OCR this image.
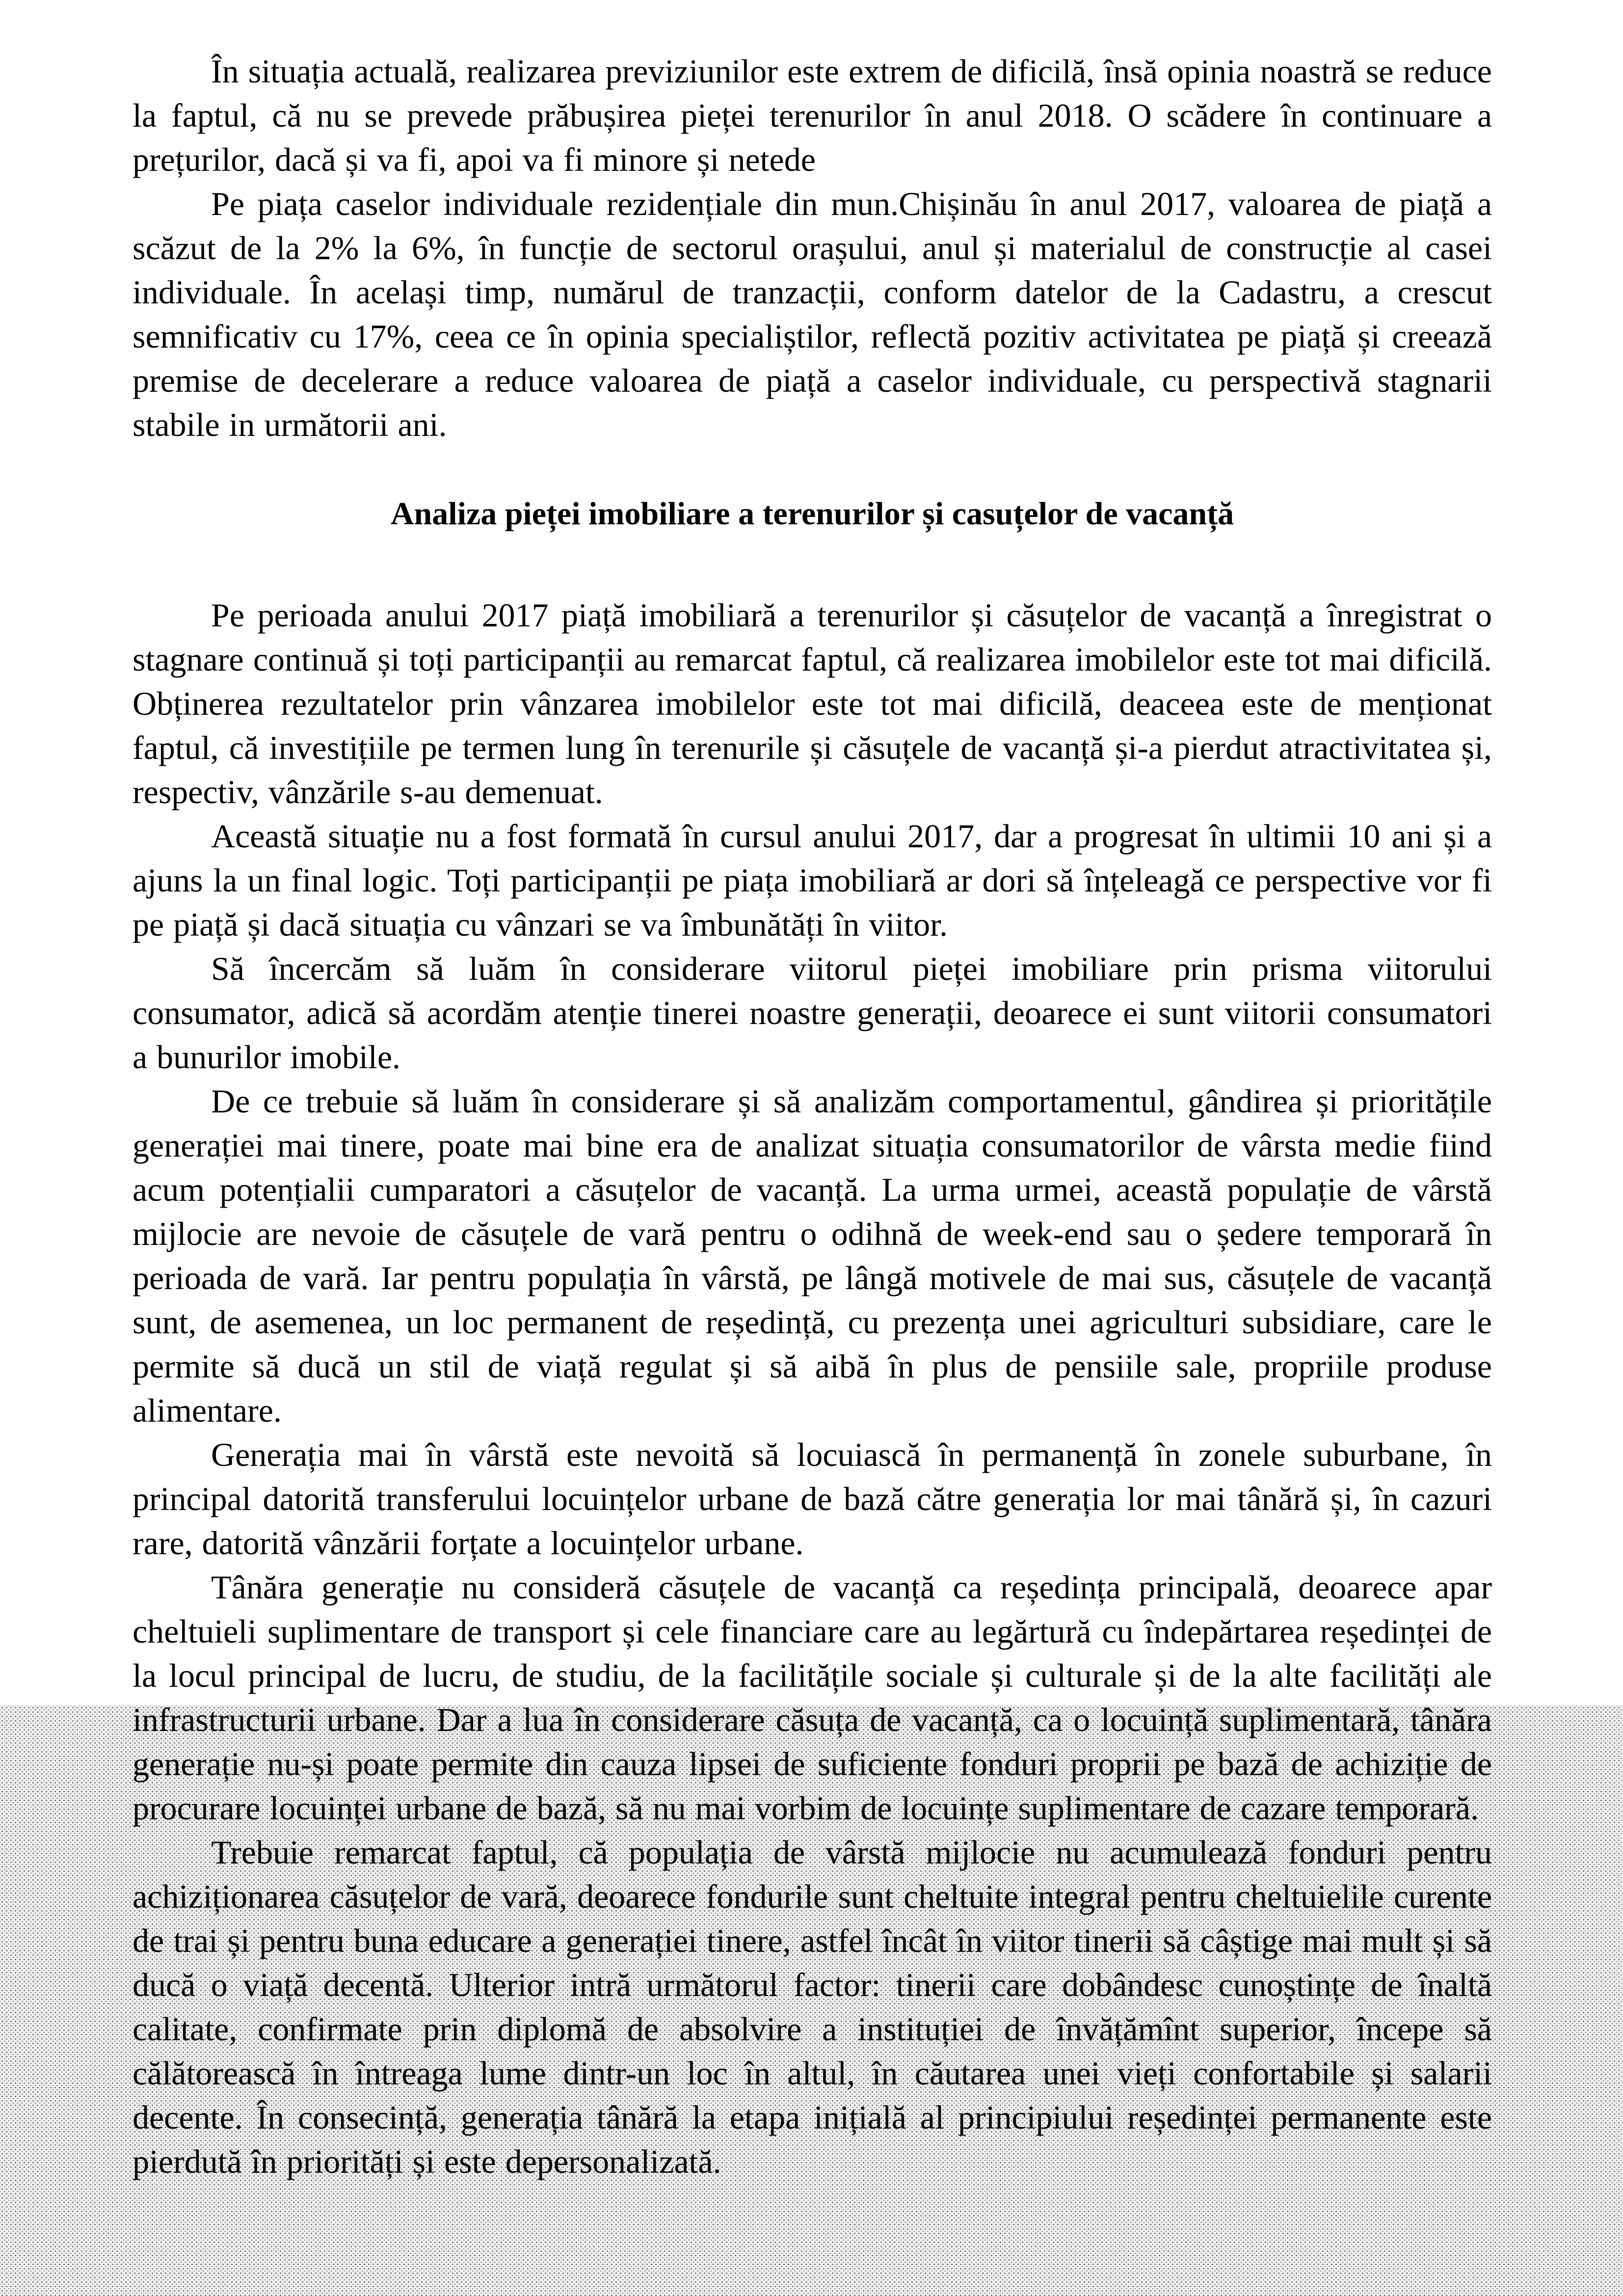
În situația actuală, realizarea previziunilor este extrem de dificilă, însă opinia noastră se reduce la faptul, că nu se prevede prăbușirea pieței terenurilor în anul 2018. O scădere în continuare a prețurilor, dacă și va fi, apoi va fi minore și netede

Pe piața caselor individuale rezidențiale din mun.Chișinău în anul 2017, valoarea de piață a scăzut de la 2% la 6%, în funcție de sectorul orașului, anul și materialul de construcție al casei individuale. În același timp, numărul de tranzacții, conform datelor de la Cadastru, a crescut semnificativ cu 17%, ceea ce în opinia specialiștilor, reflectă pozitiv activitatea pe piață și creează premise de decelerare a reduce valoarea de piață a caselor individuale, cu perspectivă stagnarii stabile in următorii ani.

Analiza pieței imobiliare a terenurilor și casuțelor de vacanță

Pe perioada anului 2017 piață imobiliară a terenurilor și căsuțelor de vacanță a înregistrat o stagnare continuă și toți participanții au remarcat faptul, că realizarea imobilelor este tot mai dificilă. Obținerea rezultatelor prin vânzarea imobilelor este tot mai dificilă, deaceea este de menționat faptul, că investițiile pe termen lung în terenurile și căsuțele de vacanță și-a pierdut atractivitatea și, respectiv, vânzările s-au demenuat.

Această situație nu a fost formată în cursul anului 2017, dar a progresat în ultimii 10 ani și a ajuns la un final logic. Toți participanții pe piața imobiliară ar dori să înțeleagă ce perspective vor fi pe piață și dacă situația cu vânzari se va îmbunătăți în viitor.

Să încercăm să luăm în considerare viitorul pieței imobiliare prin prisma viitorului consumator, adică să acordăm atenție tinerei noastre generații, deoarece ei sunt viitorii consumatori a bunurilor imobile.

De ce trebuie să luăm în considerare și să analizăm comportamentul, gândirea și prioritățile generației mai tinere, poate mai bine era de analizat situația consumatorilor de vârsta medie fiind acum potențialii cumparatori a căsuțelor de vacanță. La urma urmei, această populație de vârstă mijlocie are nevoie de căsuțele de vară pentru o odihnă de week-end sau o ședere temporară în perioada de vară. Iar pentru populația în vârstă, pe lângă motivele de mai sus, căsuțele de vacanță sunt, de asemenea, un loc permanent de reședință, cu prezența unei agriculturi subsidiare, care le permite să ducă un stil de viață regulat și să aibă în plus de pensiile sale, propriile produse alimentare.

Generația mai în vârstă este nevoită să locuiască în permanență în zonele suburbane, în principal datorită transferului locuințelor urbane de bază către generația lor mai tânără și, în cazuri rare, datorită vânzării forțate a locuințelor urbane.

Tânăra generație nu consideră căsuțele de vacanță ca reședința principală, deoarece apar cheltuieli suplimentare de transport și cele financiare care au legărtură cu îndepărtarea reședinței de la locul principal de lucru, de studiu, de la facilitățile sociale și culturale și de la alte facilități ale infrastructurii urbane. Dar a lua în considerare căsuța de vacanță, ca o locuință suplimentară, tânăra generație nu-și poate permite din cauza lipsei de suficiente fonduri proprii pe bază de achiziție de procurare locuinței urbane de bază, să nu mai vorbim de locuințe suplimentare de cazare temporară.

Trebuie remarcat faptul, că populația de vârstă mijlocie nu acumulează fonduri pentru achiziționarea căsuțelor de vară, deoarece fondurile sunt cheltuite integral pentru cheltuielile curente de trai și pentru buna educare a generației tinere, astfel încât în viitor tinerii să câștige mai mult și să ducă o viață decentă. Ulterior intră următorul factor: tinerii care dobândesc cunoștințe de înaltă calitate, confirmate prin diplomă de absolvire a instituției de învățămînt superior, începe să călătorească în întreaga lume dintr-un loc în altul, în căutarea unei vieți confortabile și salarii decente. În consecință, generația tânără la etapa inițială al principiului reședinței permanente este pierdută în priorități și este depersonalizată.
